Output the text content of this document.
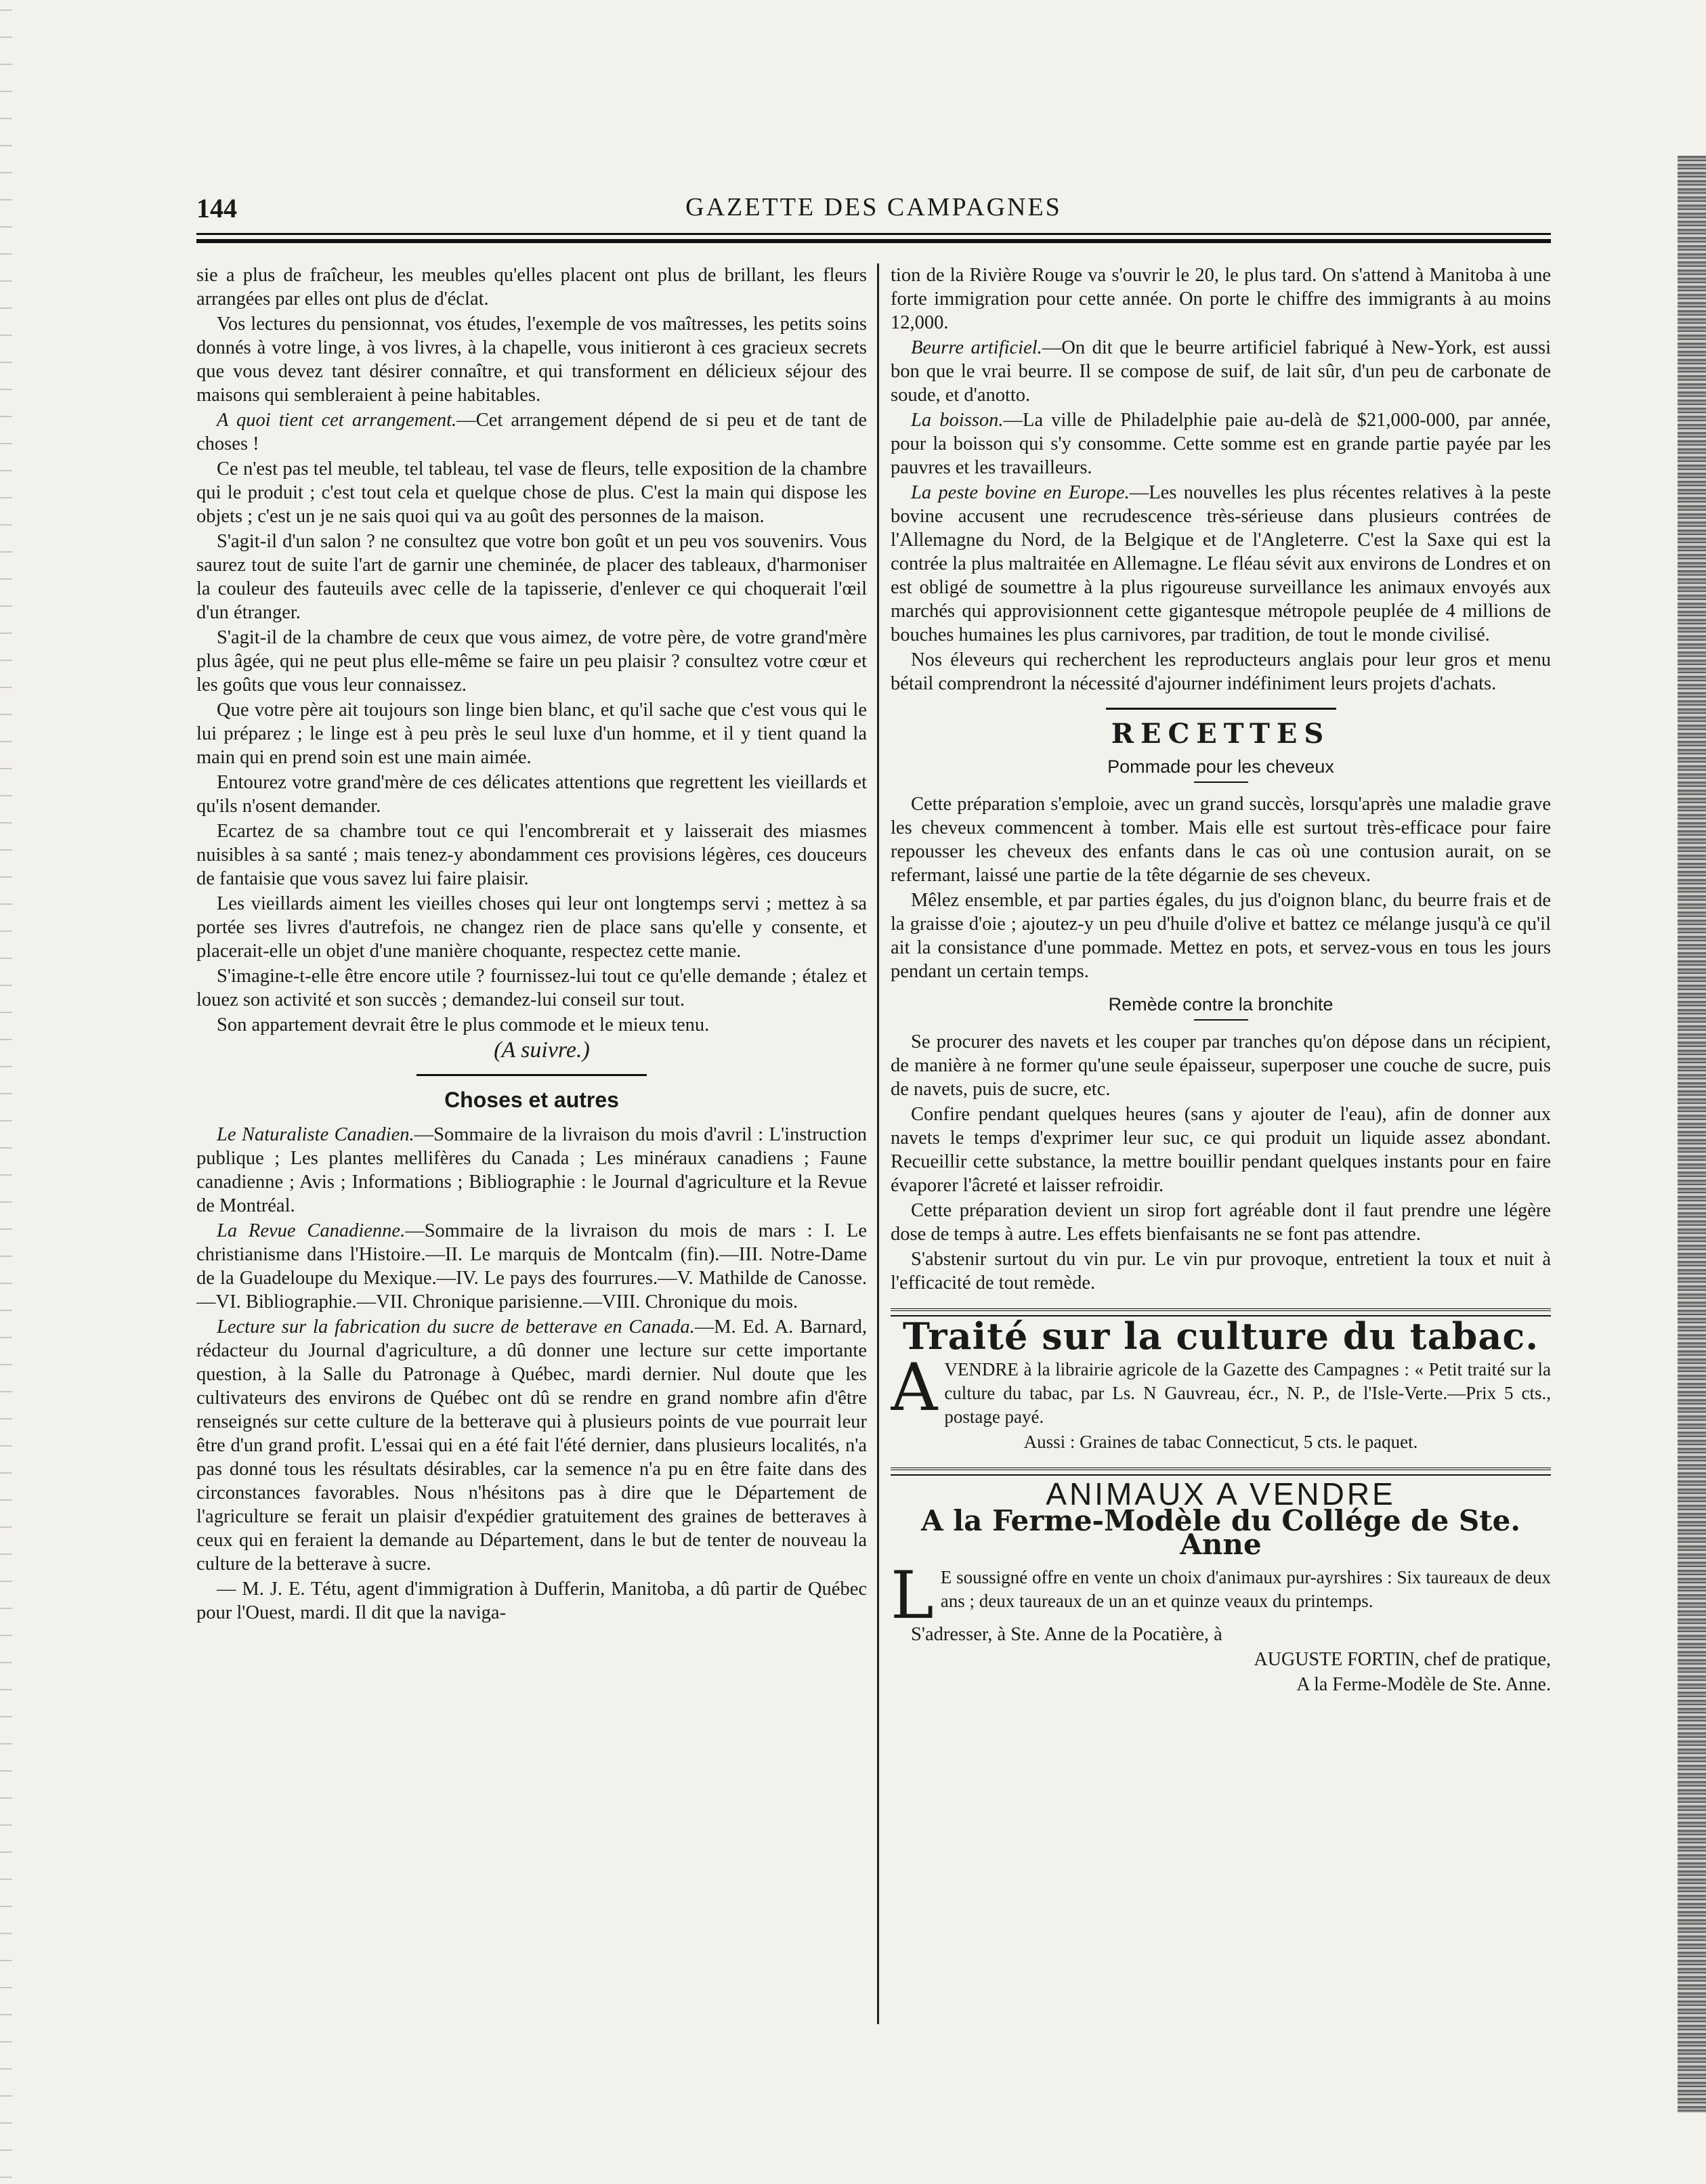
144	GAZETTE DES CAMPAGNES

sie a plus de fraîcheur, les meubles qu'elles placent ont plus de brillant, les fleurs arrangées par elles ont plus de d'éclat.

Vos lectures du pensionnat, vos études, l'exemple de vos maîtresses, les petits soins donnés à votre linge, à vos livres, à la chapelle, vous initieront à ces gracieux secrets que vous devez tant désirer connaître, et qui transforment en délicieux séjour des maisons qui sembleraient à peine habitables.

A quoi tient cet arrangement.—Cet arrangement dépend de si peu et de tant de choses !

Ce n'est pas tel meuble, tel tableau, tel vase de fleurs, telle exposition de la chambre qui le produit ; c'est tout cela et quelque chose de plus. C'est la main qui dispose les objets ; c'est un je ne sais quoi qui va au goût des personnes de la maison.

S'agit-il d'un salon ? ne consultez que votre bon goût et un peu vos souvenirs. Vous saurez tout de suite l'art de garnir une cheminée, de placer des tableaux, d'harmoniser la couleur des fauteuils avec celle de la tapisserie, d'enlever ce qui choquerait l'œil d'un étranger.

S'agit-il de la chambre de ceux que vous aimez, de votre père, de votre grand'mère plus âgée, qui ne peut plus elle-même se faire un peu plaisir ? consultez votre cœur et les goûts que vous leur connaissez.

Que votre père ait toujours son linge bien blanc, et qu'il sache que c'est vous qui le lui préparez ; le linge est à peu près le seul luxe d'un homme, et il y tient quand la main qui en prend soin est une main aimée.

Entourez votre grand'mère de ces délicates attentions que regrettent les vieillards et qu'ils n'osent demander.

Ecartez de sa chambre tout ce qui l'encombrerait et y laisserait des miasmes nuisibles à sa santé ; mais tenez-y abondamment ces provisions légères, ces douceurs de fantaisie que vous savez lui faire plaisir.

Les vieillards aiment les vieilles choses qui leur ont longtemps servi ; mettez à sa portée ses livres d'autrefois, ne changez rien de place sans qu'elle y consente, et placerait-elle un objet d'une manière choquante, respectez cette manie.

S'imagine-t-elle être encore utile ? fournissez-lui tout ce qu'elle demande ; étalez et louez son activité et son succès ; demandez-lui conseil sur tout.

Son appartement devrait être le plus commode et le mieux tenu.

(A suivre.)

Choses et autres

Le Naturaliste Canadien.—Sommaire de la livraison du mois d'avril : L'instruction publique ; Les plantes mellifères du Canada ; Les minéraux canadiens ; Faune canadienne ; Avis ; Informations ; Bibliographie : le Journal d'agriculture et la Revue de Montréal.

La Revue Canadienne.—Sommaire de la livraison du mois de mars : I. Le christianisme dans l'Histoire.—II. Le marquis de Montcalm (fin).—III. Notre-Dame de la Guadeloupe du Mexique.—IV. Le pays des fourrures.—V. Mathilde de Canosse.—VI. Bibliographie.—VII. Chronique parisienne.—VIII. Chronique du mois.

Lecture sur la fabrication du sucre de betterave en Canada.—M. Ed. A. Barnard, rédacteur du Journal d'agriculture, a dû donner une lecture sur cette importante question, à la Salle du Patronage à Québec, mardi dernier. Nul doute que les cultivateurs des environs de Québec ont dû se rendre en grand nombre afin d'être renseignés sur cette culture de la betterave qui à plusieurs points de vue pourrait leur être d'un grand profit. L'essai qui en a été fait l'été dernier, dans plusieurs localités, n'a pas donné tous les résultats désirables, car la semence n'a pu en être faite dans des circonstances favorables. Nous n'hésitons pas à dire que le Département de l'agriculture se ferait un plaisir d'expédier gratuitement des graines de betteraves à ceux qui en feraient la demande au Département, dans le but de tenter de nouveau la culture de la betterave à sucre.

— M. J. E. Tétu, agent d'immigration à Dufferin, Manitoba, a dû partir de Québec pour l'Ouest, mardi. Il dit que la naviga-

tion de la Rivière Rouge va s'ouvrir le 20, le plus tard. On s'attend à Manitoba à une forte immigration pour cette année. On porte le chiffre des immigrants à au moins 12,000.

Beurre artificiel.—On dit que le beurre artificiel fabriqué à New-York, est aussi bon que le vrai beurre. Il se compose de suif, de lait sûr, d'un peu de carbonate de soude, et d'anotto.

La boisson.—La ville de Philadelphie paie au-delà de $21,000-000, par année, pour la boisson qui s'y consomme. Cette somme est en grande partie payée par les pauvres et les travailleurs.

La peste bovine en Europe.—Les nouvelles les plus récentes relatives à la peste bovine accusent une recrudescence très-sérieuse dans plusieurs contrées de l'Allemagne du Nord, de la Belgique et de l'Angleterre. C'est la Saxe qui est la contrée la plus maltraitée en Allemagne. Le fléau sévit aux environs de Londres et on est obligé de soumettre à la plus rigoureuse surveillance les animaux envoyés aux marchés qui approvisionnent cette gigantesque métropole peuplée de 4 millions de bouches humaines les plus carnivores, par tradition, de tout le monde civilisé.

Nos éleveurs qui recherchent les reproducteurs anglais pour leur gros et menu bétail comprendront la nécessité d'ajourner indéfiniment leurs projets d'achats.

RECETTES
Pommade pour les cheveux

Cette préparation s'emploie, avec un grand succès, lorsqu'après une maladie grave les cheveux commencent à tomber. Mais elle est surtout très-efficace pour faire repousser les cheveux des enfants dans le cas où une contusion aurait, on se refermant, laissé une partie de la tête dégarnie de ses cheveux.

Mêlez ensemble, et par parties égales, du jus d'oignon blanc, du beurre frais et de la graisse d'oie ; ajoutez-y un peu d'huile d'olive et battez ce mélange jusqu'à ce qu'il ait la consistance d'une pommade. Mettez en pots, et servez-vous en tous les jours pendant un certain temps.

Remède contre la bronchite

Se procurer des navets et les couper par tranches qu'on dépose dans un récipient, de manière à ne former qu'une seule épaisseur, superposer une couche de sucre, puis de navets, puis de sucre, etc.

Confire pendant quelques heures (sans y ajouter de l'eau), afin de donner aux navets le temps d'exprimer leur suc, ce qui produit un liquide assez abondant. Recueillir cette substance, la mettre bouillir pendant quelques instants pour en faire évaporer l'âcreté et laisser refroidir.

Cette préparation devient un sirop fort agréable dont il faut prendre une légère dose de temps à autre. Les effets bienfaisants ne se font pas attendre.

S'abstenir surtout du vin pur. Le vin pur provoque, entretient la toux et nuit à l'efficacité de tout remède.

Traité sur la culture du tabac.

AVENDRE à la librairie agricole de la Gazette des Campagnes : « Petit traité sur la culture du tabac, par Ls. N Gauvreau, écr., N. P., de l'Isle-Verte.—Prix 5 cts., postage payé.

Aussi : Graines de tabac Connecticut, 5 cts. le paquet.

ANIMAUX A VENDRE
A la Ferme-Modèle du Collége de Ste. Anne

L E soussigné offre en vente un choix d'animaux pur-ayrshires : Six taureaux de deux ans ; deux taureaux de un an et quinze veaux du printemps.

S'adresser, à Ste. Anne de la Pocatière, à

AUGUSTE FORTIN, chef de pratique,

A la Ferme-Modèle de Ste. Anne.
